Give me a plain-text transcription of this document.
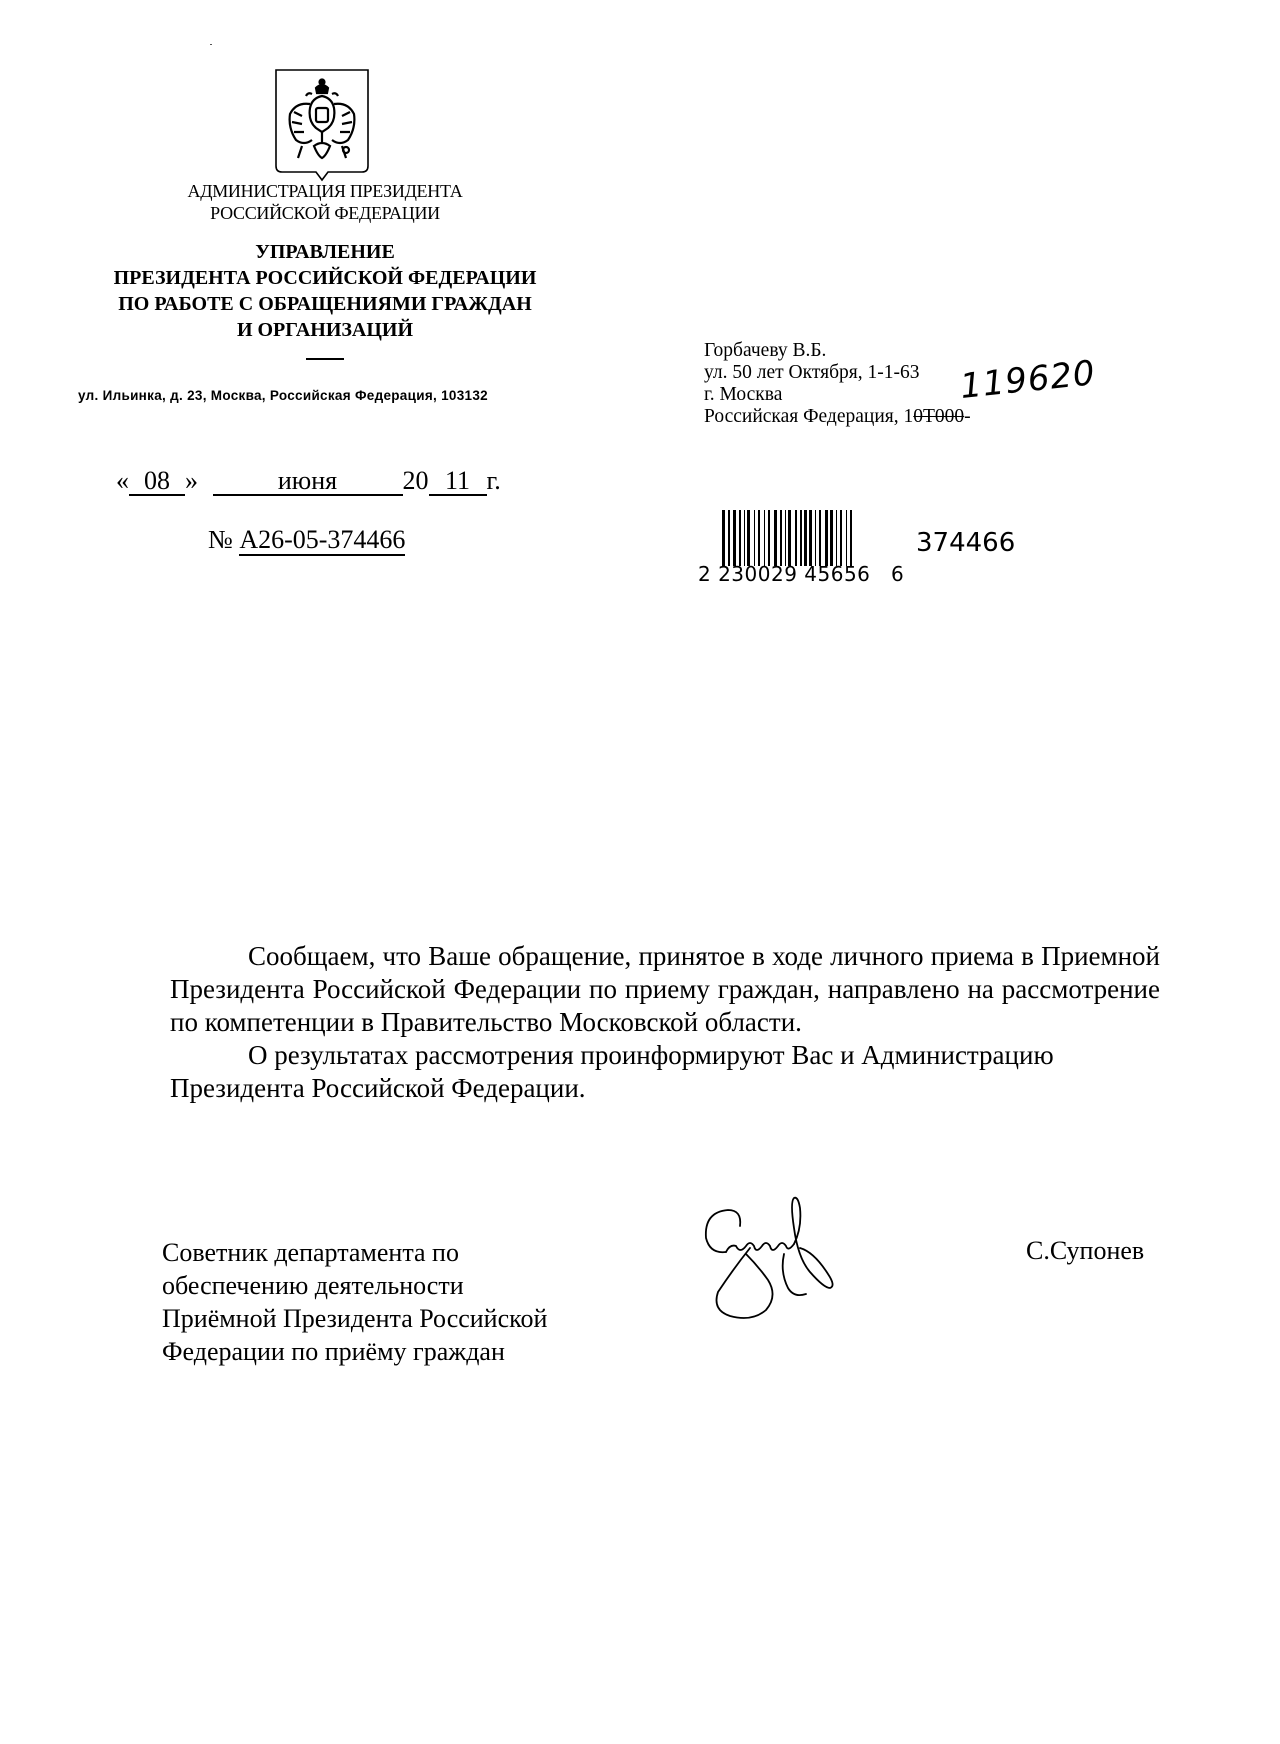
АДМИНИСТРАЦИЯ ПРЕЗИДЕНТА
РОССИЙСКОЙ ФЕДЕРАЦИИ
УПРАВЛЕНИЕ
ПРЕЗИДЕНТА РОССИЙСКОЙ ФЕДЕРАЦИИ
ПО РАБОТЕ С ОБРАЩЕНИЯМИ ГРАЖДАН
И ОРГАНИЗАЦИЙ
ул. Ильинка, д. 23, Москва, Российская Федерация, 103132
« 08 »	июня	20 11 г.
№ А26-05-374466
Горбачеву В.Б.
ул. 50 лет Октября, 1-1-63
г. Москва
Российская Федерация, 10Т000‑
119620
2 230029 45656   6
374466

Сообщаем, что Ваше обращение, принятое в ходе личного приема в Приемной Президента Российской Федерации по приему граждан, направлено на рассмотрение по компетенции в Правительство Московской области.

О результатах рассмотрения проинформируют Вас и Администрацию Президента Российской Федерации.

Советник департамента по
обеспечению деятельности
Приёмной Президента Российской
Федерации по приёму граждан
С.Супонев
